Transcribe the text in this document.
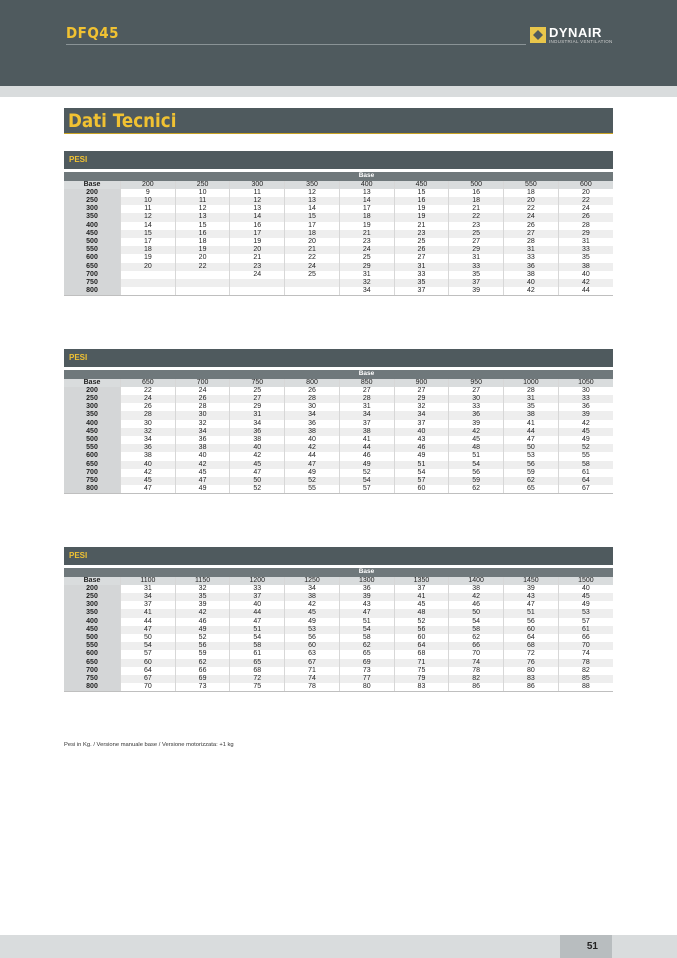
DFQ45	DYNAIR
INDUSTRIAL VENTILATION
Dati Tecnici
PESI
Base
Base	200	250	300	350	400	450	500	550	600
200	9	10	11	12	13	15	16	18	20
250	10	11	12	13	14	16	18	20	22
300	11	12	13	14	17	19	21	22	24
350	12	13	14	15	18	19	22	24	26
400	14	15	16	17	19	21	23	26	28
450	15	16	17	18	21	23	25	27	29
500	17	18	19	20	23	25	27	28	31
550	18	19	20	21	24	26	29	31	33
600	19	20	21	22	25	27	31	33	35
650	20	22	23	24	29	31	33	36	38
700			24	25	31	33	35	38	40
750					32	35	37	40	42
800					34	37	39	42	44
PESI
Base
Base	650	700	750	800	850	900	950	1000	1050
200	22	24	25	26	27	27	27	28	30
250	24	26	27	28	28	29	30	31	33
300	26	28	29	30	31	32	33	35	36
350	28	30	31	34	34	34	36	38	39
400	30	32	34	36	37	37	39	41	42
450	32	34	36	38	38	40	42	44	45
500	34	36	38	40	41	43	45	47	49
550	36	38	40	42	44	46	48	50	52
600	38	40	42	44	46	49	51	53	55
650	40	42	45	47	49	51	54	56	58
700	42	45	47	49	52	54	56	59	61
750	45	47	50	52	54	57	59	62	64
800	47	49	52	55	57	60	62	65	67
PESI
Base
Base	1100	1150	1200	1250	1300	1350	1400	1450	1500
200	31	32	33	34	36	37	38	39	40
250	34	35	37	38	39	41	42	43	45
300	37	39	40	42	43	45	46	47	49
350	41	42	44	45	47	48	50	51	53
400	44	46	47	49	51	52	54	56	57
450	47	49	51	53	54	56	58	60	61
500	50	52	54	56	58	60	62	64	66
550	54	56	58	60	62	64	66	68	70
600	57	59	61	63	65	68	70	72	74
650	60	62	65	67	69	71	74	76	78
700	64	66	68	71	73	75	78	80	82
750	67	69	72	74	77	79	82	83	85
800	70	73	75	78	80	83	86	86	88
Pesi in Kg. / Versione manuale base / Versione motorizzata: +1 kg
51
